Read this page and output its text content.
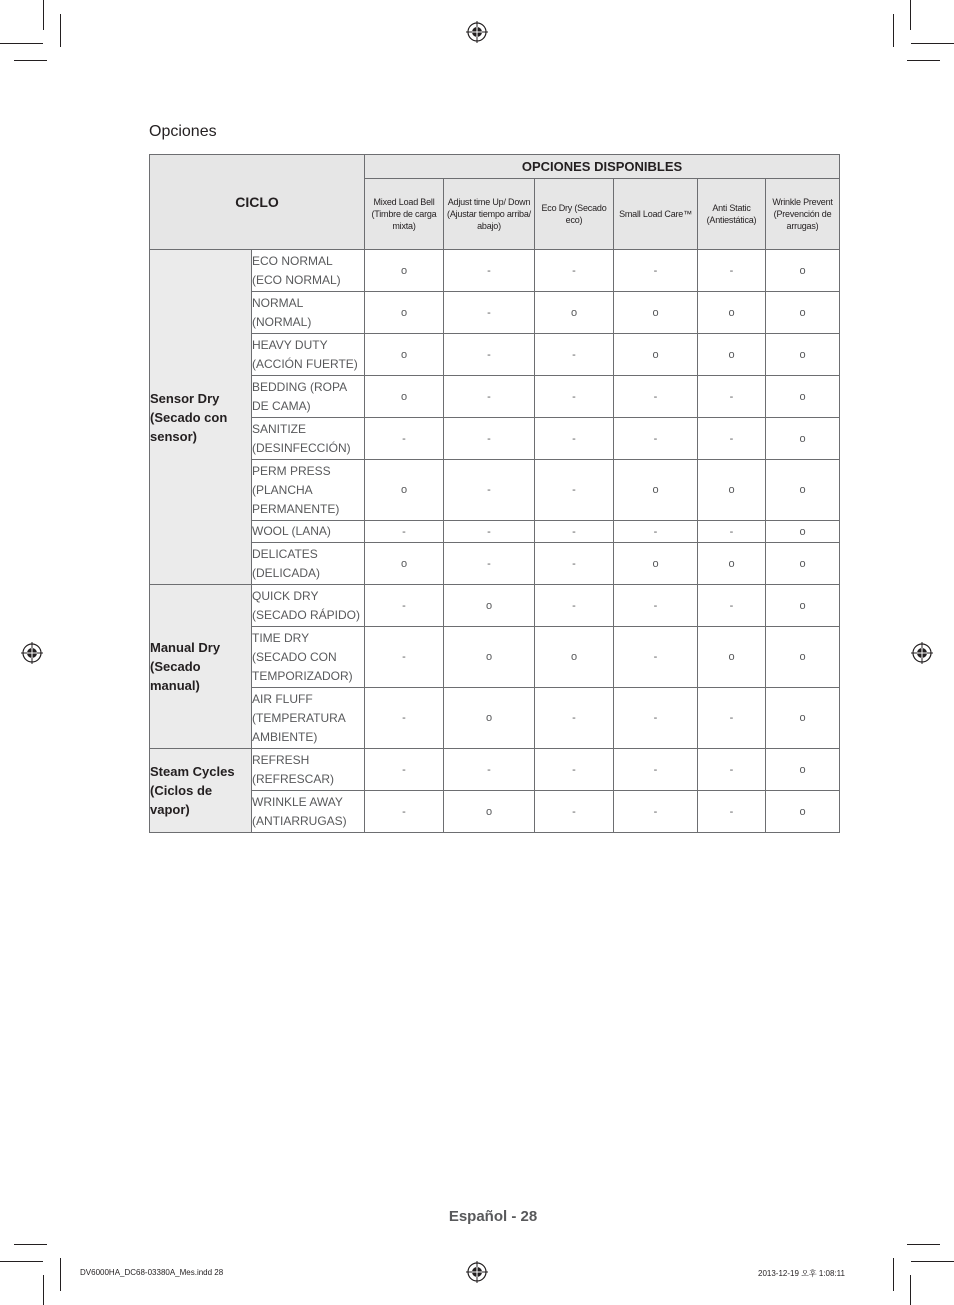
Opciones
CICLO		OPCIONES DISPONIBLES					
		Mixed Load Bell (Timbre de carga mixta)	Adjust time Up/ Down (Ajustar tiempo arriba/ abajo)	Eco Dry (Secado eco)	Small Load Care™	Anti Static (Antiestática)	Wrinkle Prevent (Prevención de arrugas)
Sensor Dry (Secado con sensor)	ECO NORMAL (ECO NORMAL)	o	-	-	-	-	o
	NORMAL (NORMAL)	o	-	o	o	o	o
	HEAVY DUTY (ACCIÓN FUERTE)	o	-	-	o	o	o
	BEDDING (ROPA DE CAMA)	o	-	-	-	-	o
	SANITIZE (DESINFECCIÓN)	-	-	-	-	-	o
	PERM PRESS (PLANCHA PERMANENTE)	o	-	-	o	o	o
	WOOL (LANA)	-	-	-	-	-	o
	DELICATES (DELICADA)	o	-	-	o	o	o
Manual Dry (Secado manual)	QUICK DRY (SECADO RÁPIDO)	-	o	-	-	-	o
	TIME DRY (SECADO CON TEMPORIZADOR)	-	o	o	-	o	o
	AIR FLUFF (TEMPERATURA AMBIENTE)	-	o	-	-	-	o
Steam Cycles (Ciclos de vapor)	REFRESH (REFRESCAR)	-	-	-	-	-	o
	WRINKLE AWAY (ANTIARRUGAS)	-	o	-	-	-	o
Español - 28
DV6000HA_DC68-03380A_Mes.indd 28	2013-12-19 오후 1:08:11
